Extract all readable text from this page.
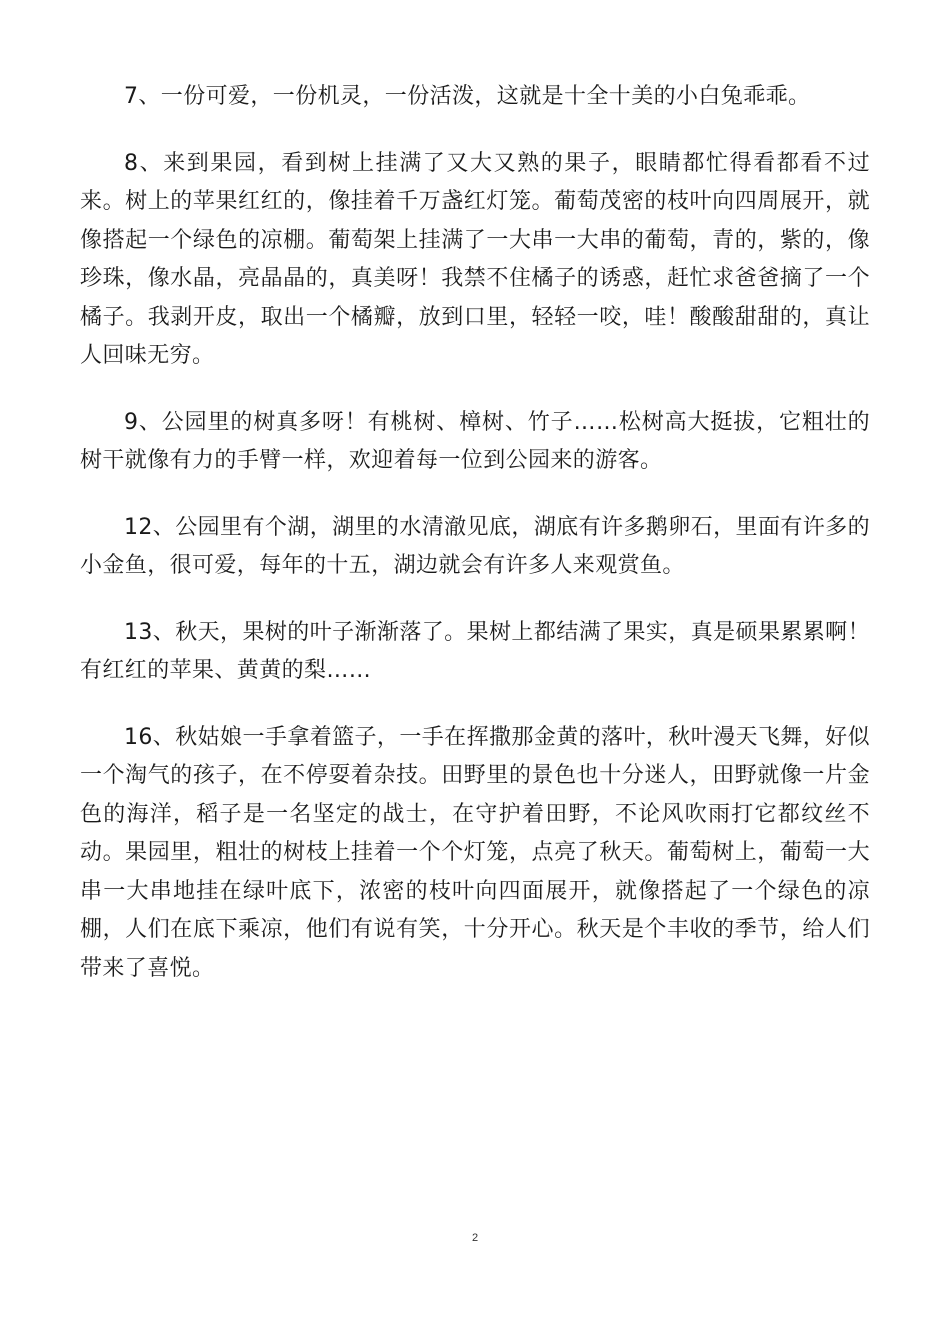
7、一份可爱，一份机灵，一份活泼，这就是十全十美的小白兔乖乖。

8、来到果园，看到树上挂满了又大又熟的果子，眼睛都忙得看都看不过来。树上的苹果红红的，像挂着千万盏红灯笼。葡萄茂密的枝叶向四周展开，就像搭起一个绿色的凉棚。葡萄架上挂满了一大串一大串的葡萄，青的，紫的，像珍珠，像水晶，亮晶晶的，真美呀！我禁不住橘子的诱惑，赶忙求爸爸摘了一个橘子。我剥开皮，取出一个橘瓣，放到口里，轻轻一咬，哇！酸酸甜甜的，真让人回味无穷。

9、公园里的树真多呀！有桃树、樟树、竹子……松树高大挺拔，它粗壮的树干就像有力的手臂一样，欢迎着每一位到公园来的游客。

12、公园里有个湖，湖里的水清澈见底，湖底有许多鹅卵石，里面有许多的小金鱼，很可爱，每年的十五，湖边就会有许多人来观赏鱼。

13、秋天，果树的叶子渐渐落了。果树上都结满了果实，真是硕果累累啊！有红红的苹果、黄黄的梨……

16、秋姑娘一手拿着篮子，一手在挥撒那金黄的落叶，秋叶漫天飞舞，好似一个淘气的孩子，在不停耍着杂技。田野里的景色也十分迷人，田野就像一片金色的海洋，稻子是一名坚定的战士，在守护着田野，不论风吹雨打它都纹丝不动。果园里，粗壮的树枝上挂着一个个灯笼，点亮了秋天。葡萄树上，葡萄一大串一大串地挂在绿叶底下，浓密的枝叶向四面展开，就像搭起了一个绿色的凉棚，人们在底下乘凉，他们有说有笑，十分开心。秋天是个丰收的季节，给人们带来了喜悦。

2
